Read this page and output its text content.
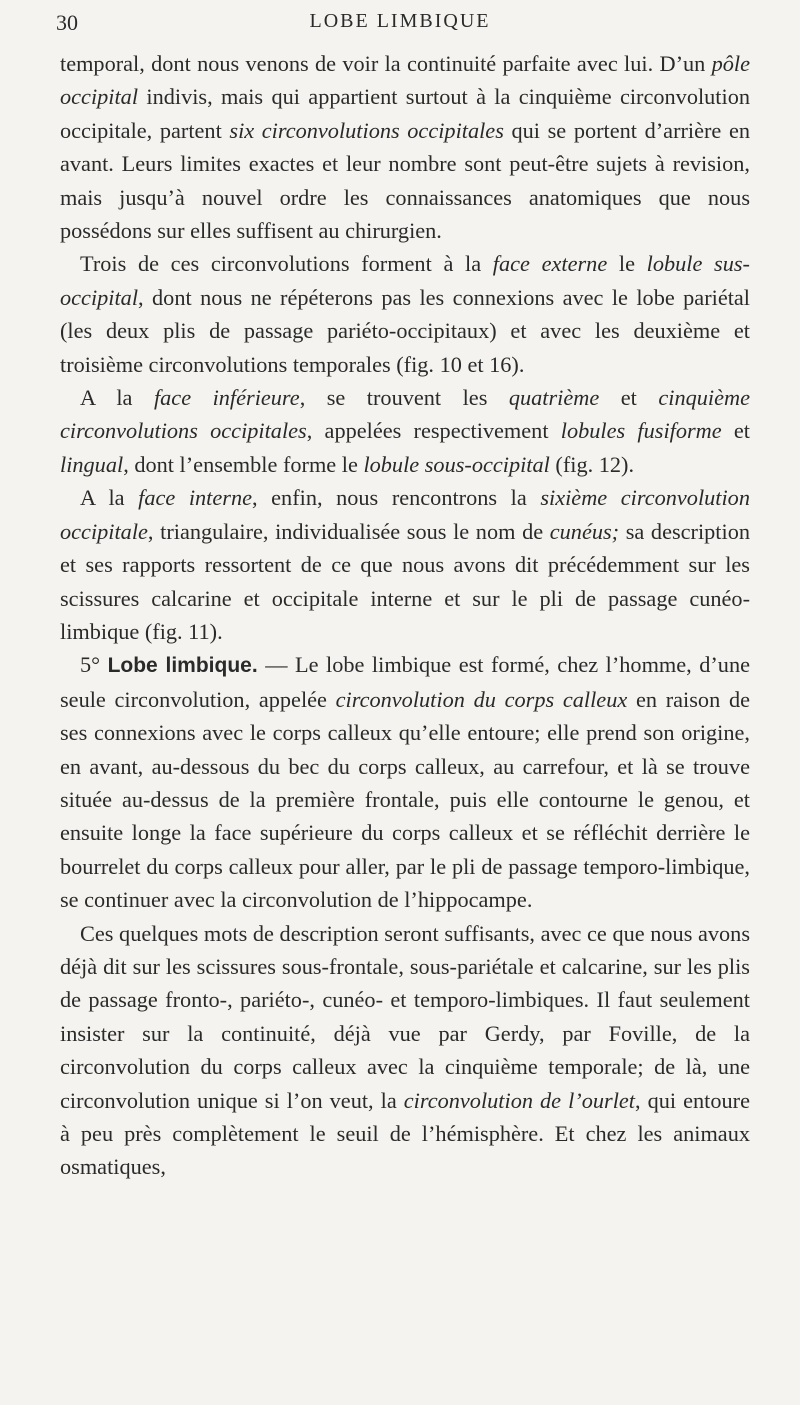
30	LOBE LIMBIQUE

temporal, dont nous venons de voir la continuité parfaite avec lui. D’un pôle occipital indivis, mais qui appartient surtout à la cinquième circonvolution occipitale, partent six circonvolutions occipitales qui se portent d’arrière en avant. Leurs limites exactes et leur nombre sont peut-être sujets à revision, mais jusqu’à nouvel ordre les connaissances anatomiques que nous possédons sur elles suffisent au chirurgien.

Trois de ces circonvolutions forment à la face externe le lobule sus-occipital, dont nous ne répéterons pas les connexions avec le lobe pariétal (les deux plis de passage pariéto-occipitaux) et avec les deuxième et troisième circonvolutions temporales (fig. 10 et 16).

A la face inférieure, se trouvent les quatrième et cinquième circonvolutions occipitales, appelées respectivement lobules fusiforme et lingual, dont l’ensemble forme le lobule sous-occipital (fig. 12).

A la face interne, enfin, nous rencontrons la sixième circonvolution occipitale, triangulaire, individualisée sous le nom de cunéus; sa description et ses rapports ressortent de ce que nous avons dit précédemment sur les scissures calcarine et occipitale interne et sur le pli de passage cunéo-limbique (fig. 11).

5° Lobe limbique. — Le lobe limbique est formé, chez l’homme, d’une seule circonvolution, appelée circonvolution du corps calleux en raison de ses connexions avec le corps calleux qu’elle entoure; elle prend son origine, en avant, au-dessous du bec du corps calleux, au carrefour, et là se trouve située au-dessus de la première frontale, puis elle contourne le genou, et ensuite longe la face supérieure du corps calleux et se réfléchit derrière le bourrelet du corps calleux pour aller, par le pli de passage temporo-limbique, se continuer avec la circonvolution de l’hippocampe.

Ces quelques mots de description seront suffisants, avec ce que nous avons déjà dit sur les scissures sous-frontale, sous-pariétale et calcarine, sur les plis de passage fronto-, pariéto-, cunéo- et temporo-limbiques. Il faut seulement insister sur la continuité, déjà vue par Gerdy, par Foville, de la circonvolution du corps calleux avec la cinquième temporale; de là, une circonvolution unique si l’on veut, la circonvolution de l’ourlet, qui entoure à peu près complètement le seuil de l’hémisphère. Et chez les animaux osmatiques,
